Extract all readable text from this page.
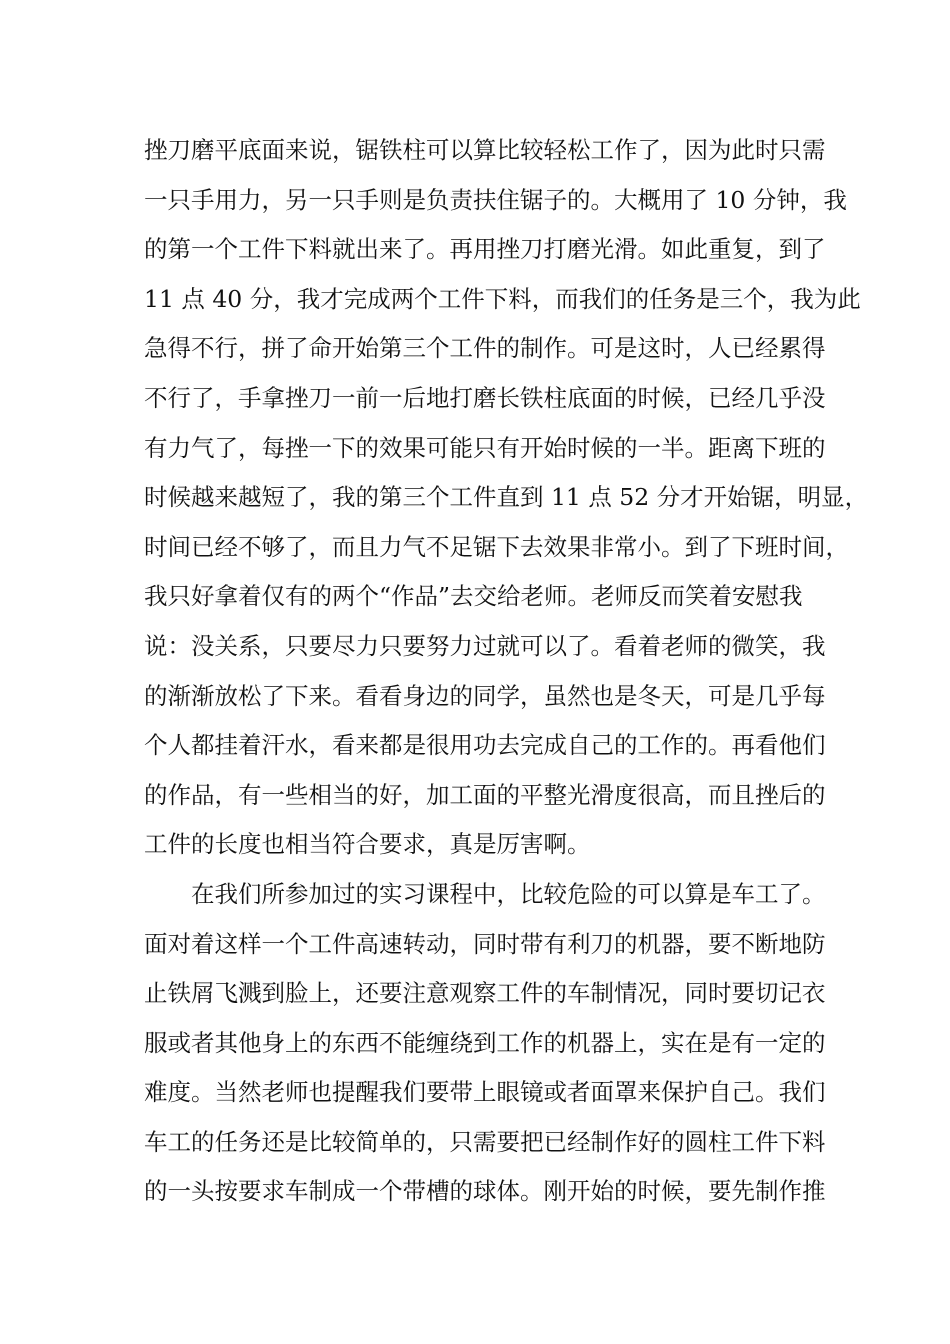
挫刀磨平底面来说，锯铁柱可以算比较轻松工作了，因为此时只需
一只手用力，另一只手则是负责扶住锯子的。大概用了 10 分钟，我
的第一个工件下料就出来了。再用挫刀打磨光滑。如此重复，到了
11 点 40 分，我才完成两个工件下料，而我们的任务是三个，我为此
急得不行，拼了命开始第三个工件的制作。可是这时，人已经累得
不行了，手拿挫刀一前一后地打磨长铁柱底面的时候，已经几乎没
有力气了，每挫一下的效果可能只有开始时候的一半。距离下班的
时候越来越短了，我的第三个工件直到 11 点 52 分才开始锯，明显，
时间已经不够了，而且力气不足锯下去效果非常小。到了下班时间，
我只好拿着仅有的两个“作品”去交给老师。老师反而笑着安慰我
说：没关系，只要尽力只要努力过就可以了。看着老师的微笑，我
的渐渐放松了下来。看看身边的同学，虽然也是冬天，可是几乎每
个人都挂着汗水，看来都是很用功去完成自己的工作的。再看他们
的作品，有一些相当的好，加工面的平整光滑度很高，而且挫后的
工件的长度也相当符合要求，真是厉害啊。
在我们所参加过的实习课程中，比较危险的可以算是车工了。
面对着这样一个工件高速转动，同时带有利刀的机器，要不断地防
止铁屑飞溅到脸上，还要注意观察工件的车制情况，同时要切记衣
服或者其他身上的东西不能缠绕到工作的机器上，实在是有一定的
难度。当然老师也提醒我们要带上眼镜或者面罩来保护自己。我们
车工的任务还是比较简单的，只需要把已经制作好的圆柱工件下料
的一头按要求车制成一个带槽的球体。刚开始的时候，要先制作推
